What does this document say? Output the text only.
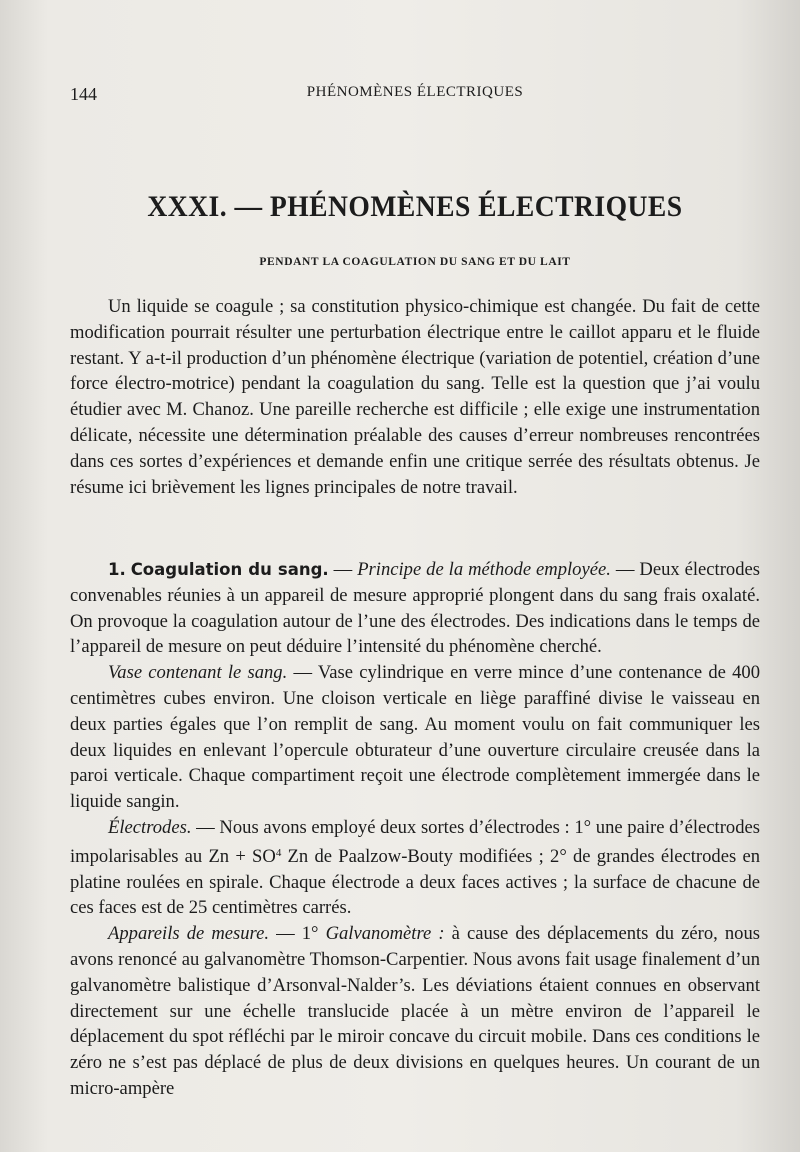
144	PHÉNOMÈNES ÉLECTRIQUES
XXXI. — PHÉNOMÈNES ÉLECTRIQUES
PENDANT LA COAGULATION DU SANG ET DU LAIT

Un liquide se coagule ; sa constitution physico-chimique est changée. Du fait de cette modification pourrait résulter une perturbation électrique entre le caillot apparu et le fluide restant. Y a-t-il production d’un phénomène électrique (variation de potentiel, création d’une force électro-motrice) pendant la coagulation du sang. Telle est la question que j’ai voulu étudier avec M. Chanoz. Une pareille recherche est difficile ; elle exige une instrumentation délicate, nécessite une détermination préalable des causes d’erreur nombreuses rencontrées dans ces sortes d’expériences et demande enfin une critique serrée des résultats obtenus. Je résume ici brièvement les lignes principales de notre travail.

1. Coagulation du sang. — Principe de la méthode employée. — Deux électrodes convenables réunies à un appareil de mesure approprié plongent dans du sang frais oxalaté. On provoque la coagulation autour de l’une des électrodes. Des indications dans le temps de l’appareil de mesure on peut déduire l’intensité du phénomène cherché.

Vase contenant le sang. — Vase cylindrique en verre mince d’une contenance de 400 centimètres cubes environ. Une cloison verticale en liège paraffiné divise le vaisseau en deux parties égales que l’on remplit de sang. Au moment voulu on fait communiquer les deux liquides en enlevant l’opercule obturateur d’une ouverture circulaire creusée dans la paroi verticale. Chaque compartiment reçoit une électrode complètement immergée dans le liquide sangin.

Électrodes. — Nous avons employé deux sortes d’électrodes : 1° une paire d’électrodes impolarisables au Zn + SO$^4$ Zn de Paalzow-Bouty modifiées ; 2° de grandes électrodes en platine roulées en spirale. Chaque électrode a deux faces actives ; la surface de chacune de ces faces est de 25 centimètres carrés.

Appareils de mesure. — 1° Galvanomètre : à cause des déplacements du zéro, nous avons renoncé au galvanomètre Thomson-Carpentier. Nous avons fait usage finalement d’un galvanomètre balistique d’Arsonval-Nalder’s. Les déviations étaient connues en observant directement sur une échelle translucide placée à un mètre environ de l’appareil le déplacement du spot réfléchi par le miroir concave du circuit mobile. Dans ces conditions le zéro ne s’est pas déplacé de plus de deux divisions en quelques heures. Un courant de un micro-ampère
